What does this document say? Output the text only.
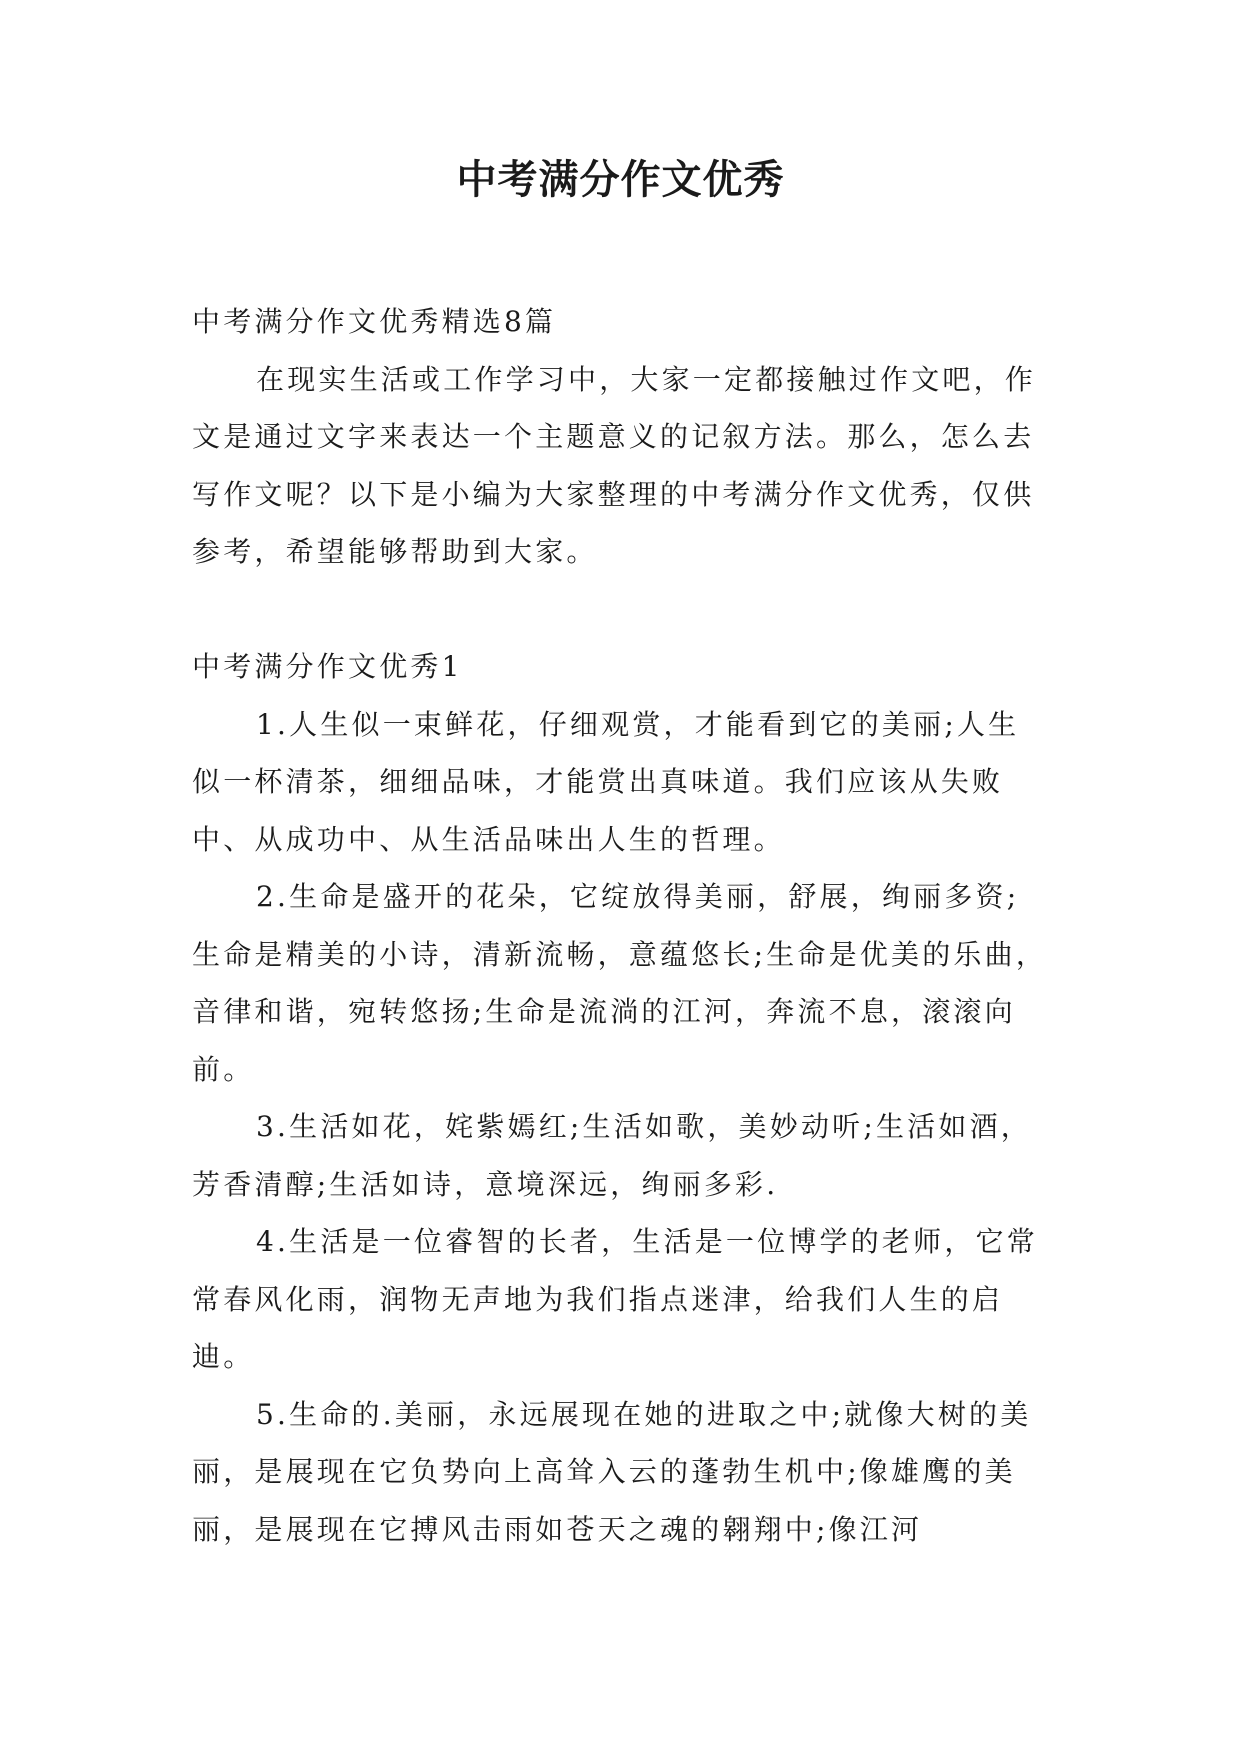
中考满分作文优秀

中考满分作文优秀精选8篇

在现实生活或工作学习中，大家一定都接触过作文吧，作文是通过文字来表达一个主题意义的记叙方法。那么，怎么去写作文呢？以下是小编为大家整理的中考满分作文优秀，仅供参考，希望能够帮助到大家。

中考满分作文优秀1

1.人生似一束鲜花，仔细观赏，才能看到它的美丽;人生似一杯清茶，细细品味，才能赏出真味道。我们应该从失败中、从成功中、从生活品味出人生的哲理。

2.生命是盛开的花朵，它绽放得美丽，舒展，绚丽多资;生命是精美的小诗，清新流畅，意蕴悠长;生命是优美的乐曲，音律和谐，宛转悠扬;生命是流淌的江河，奔流不息，滚滚向前。

3.生活如花，姹紫嫣红;生活如歌，美妙动听;生活如酒，芳香清醇;生活如诗，意境深远，绚丽多彩.

4.生活是一位睿智的长者，生活是一位博学的老师，它常常春风化雨，润物无声地为我们指点迷津，给我们人生的启迪。

5.生命的.美丽，永远展现在她的进取之中;就像大树的美丽，是展现在它负势向上高耸入云的蓬勃生机中;像雄鹰的美丽，是展现在它搏风击雨如苍天之魂的翱翔中;像江河
